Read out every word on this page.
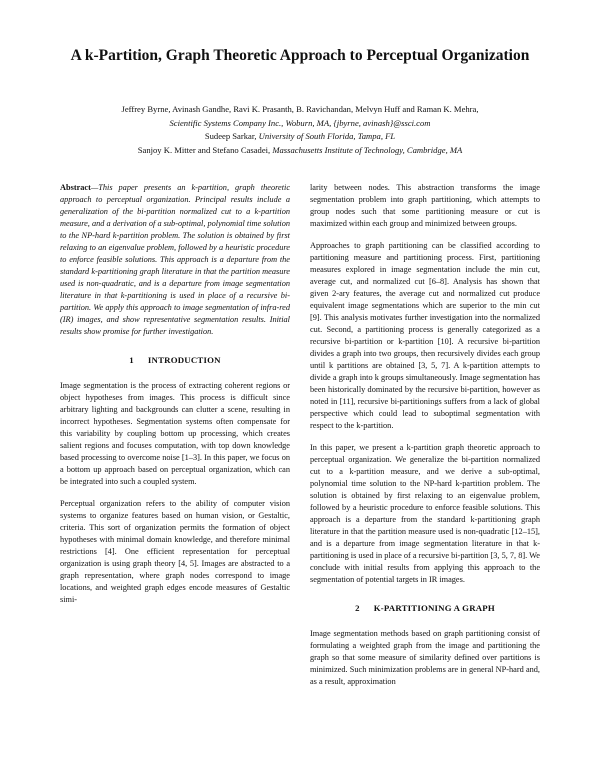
A k-Partition, Graph Theoretic Approach to Perceptual Organization
Jeffrey Byrne, Avinash Gandhe, Ravi K. Prasanth, B. Ravichandan, Melvyn Huff and Raman K. Mehra,
Scientific Systems Company Inc., Woburn, MA, {jbyrne, avinash}@ssci.com
Sudeep Sarkar, University of South Florida, Tampa, FL
Sanjoy K. Mitter and Stefano Casadei, Massachusetts Institute of Technology, Cambridge, MA

Abstract—This paper presents an k-partition, graph theoretic approach to perceptual organization. Principal results include a generalization of the bi-partition normalized cut to a k-partition measure, and a derivation of a sub-optimal, polynomial time solution to the NP-hard k-partition problem. The solution is obtained by first relaxing to an eigenvalue problem, followed by a heuristic procedure to enforce feasible solutions. This approach is a departure from the standard k-partitioning graph literature in that the partition measure used is non-quadratic, and is a departure from image segmentation literature in that k-partitioning is used in place of a recursive bi-partition. We apply this approach to image segmentation of infra-red (IR) images, and show representative segmentation results. Initial results show promise for further investigation.

1 INTRODUCTION

Image segmentation is the process of extracting coherent regions or object hypotheses from images. This process is difficult since arbitrary lighting and backgrounds can clutter a scene, resulting in incorrect hypotheses. Segmentation systems often compensate for this variability by coupling bottom up processing, which creates salient regions and focuses computation, with top down knowledge based processing to overcome noise [1–3]. In this paper, we focus on a bottom up approach based on perceptual organization, which can be integrated into such a coupled system.

Perceptual organization refers to the ability of computer vision systems to organize features based on human vision, or Gestaltic, criteria. This sort of organization permits the formation of object hypotheses with minimal domain knowledge, and therefore minimal restrictions [4]. One efficient representation for perceptual organization is using graph theory [4, 5]. Images are abstracted to a graph representation, where graph nodes correspond to image locations, and weighted graph edges encode measures of Gestaltic simi-

larity between nodes. This abstraction transforms the image segmentation problem into graph partitioning, which attempts to group nodes such that some partitioning measure or cut is maximized within each group and minimized between groups.

Approaches to graph partitioning can be classified according to partitioning measure and partitioning process. First, partitioning measures explored in image segmentation include the min cut, average cut, and normalized cut [6–8]. Analysis has shown that given 2-ary features, the average cut and normalized cut produce equivalent image segmentations which are superior to the min cut [9]. This analysis motivates further investigation into the normalized cut. Second, a partitioning process is generally categorized as a recursive bi-partition or k-partition [10]. A recursive bi-partition divides a graph into two groups, then recursively divides each group until k partitions are obtained [3, 5, 7]. A k-partition attempts to divide a graph into k groups simultaneously. Image segmentation has been historically dominated by the recursive bi-partition, however as noted in [11], recursive bi-partitionings suffers from a lack of global perspective which could lead to suboptimal segmentation with respect to the k-partition.

In this paper, we present a k-partition graph theoretic approach to perceptual organization. We generalize the bi-partition normalized cut to a k-partition measure, and we derive a sub-optimal, polynomial time solution to the NP-hard k-partition problem. The solution is obtained by first relaxing to an eigenvalue problem, followed by a heuristic procedure to enforce feasible solutions. This approach is a departure from the standard k-partitioning graph literature in that the partition measure used is non-quadratic [12–15], and is a departure from image segmentation literature in that k-partitioning is used in place of a recursive bi-partition [3, 5, 7, 8]. We conclude with initial results from applying this approach to the segmentation of potential targets in IR images.

2 K-PARTITIONING A GRAPH

Image segmentation methods based on graph partitioning consist of formulating a weighted graph from the image and partitioning the graph so that some measure of similarity defined over partitions is minimized. Such minimization problems are in general NP-hard and, as a result, approximation
